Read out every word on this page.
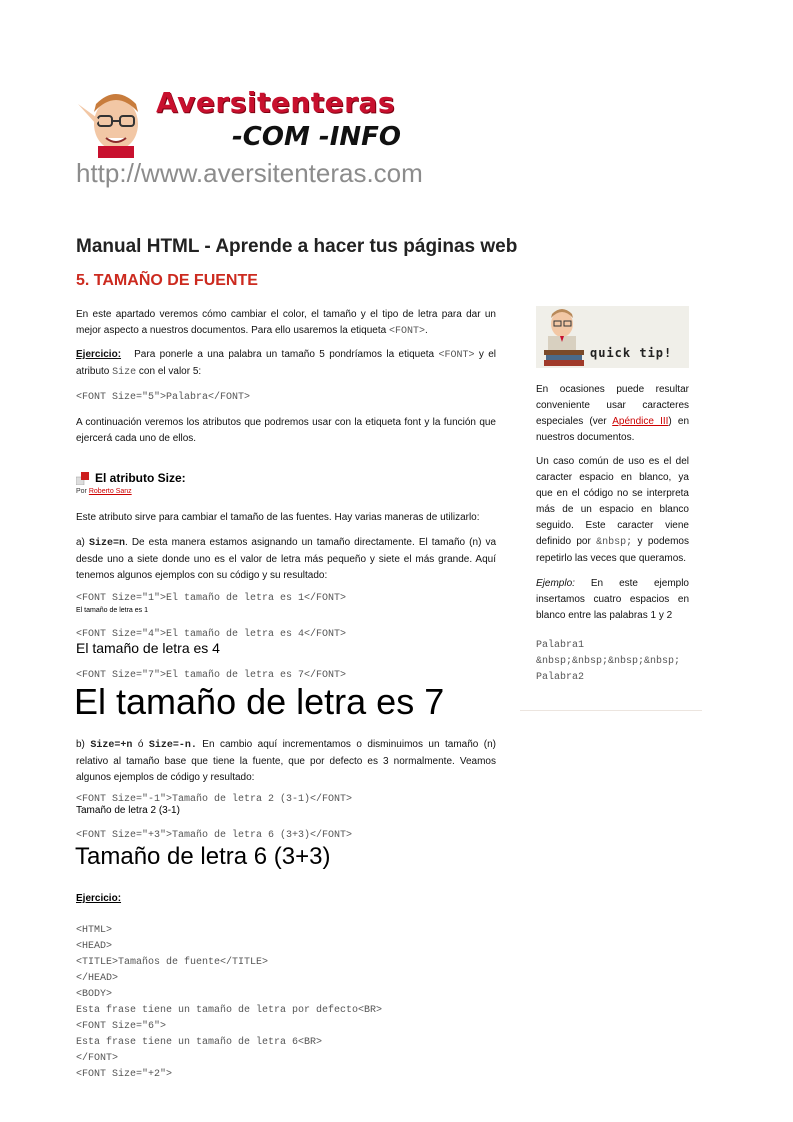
Aversitenteras
-COM -INFO
http://www.aversitenteras.com
Manual HTML - Aprende a hacer tus páginas web
5. TAMAÑO DE FUENTE
En este apartado veremos cómo cambiar el color, el tamaño y el tipo de letra para dar un mejor aspecto a nuestros documentos. Para ello usaremos la etiqueta <FONT>.
Ejercicio: Para ponerle a una palabra un tamaño 5 pondríamos la etiqueta <FONT> y el atributo Size con el valor 5:
<FONT Size="5">Palabra</FONT>
A continuación veremos los atributos que podremos usar con la etiqueta font y la función que ejercerá cada uno de ellos.
El atributo Size:
Por Roberto Sanz
Este atributo sirve para cambiar el tamaño de las fuentes. Hay varias maneras de utilizarlo:
a) Size=n. De esta manera estamos asignando un tamaño directamente. El tamaño (n) va desde uno a siete donde uno es el valor de letra más pequeño y siete el más grande. Aquí tenemos algunos ejemplos con su código y su resultado:
<FONT Size="1">El tamaño de letra es 1</FONT>
El tamaño de letra es 1
<FONT Size="4">El tamaño de letra es 4</FONT>
El tamaño de letra es 4
<FONT Size="7">El tamaño de letra es 7</FONT>
El tamaño de letra es 7
b) Size=+n ó Size=-n. En cambio aquí incrementamos o disminuimos un tamaño (n) relativo al tamaño base que tiene la fuente, que por defecto es 3 normalmente. Veamos algunos ejemplos de código y resultado:
<FONT Size="-1">Tamaño de letra 2 (3-1)</FONT>
Tamaño de letra 2 (3-1)
<FONT Size="+3">Tamaño de letra 6 (3+3)</FONT>
Tamaño de letra 6 (3+3)
Ejercicio:

<HTML>
<HEAD>
<TITLE>Tamaños de fuente</TITLE>
</HEAD>
<BODY>
Esta frase tiene un tamaño de letra por defecto<BR>
<FONT Size="6">
Esta frase tiene un tamaño de letra 6<BR>
</FONT>
<FONT Size="+2">

quick tip!
En ocasiones puede resultar conveniente usar caracteres especiales (ver Apéndice III) en nuestros documentos.
Un caso común de uso es el del caracter espacio en blanco, ya que en el código no se interpreta más de un espacio en blanco seguido. Este caracter viene definido por &nbsp; y podemos repetirlo las veces que queramos.
Ejemplo: En este ejemplo insertamos cuatro espacios en blanco entre las palabras 1 y 2
Palabra1
&nbsp;&nbsp;&nbsp;&nbsp;
Palabra2
